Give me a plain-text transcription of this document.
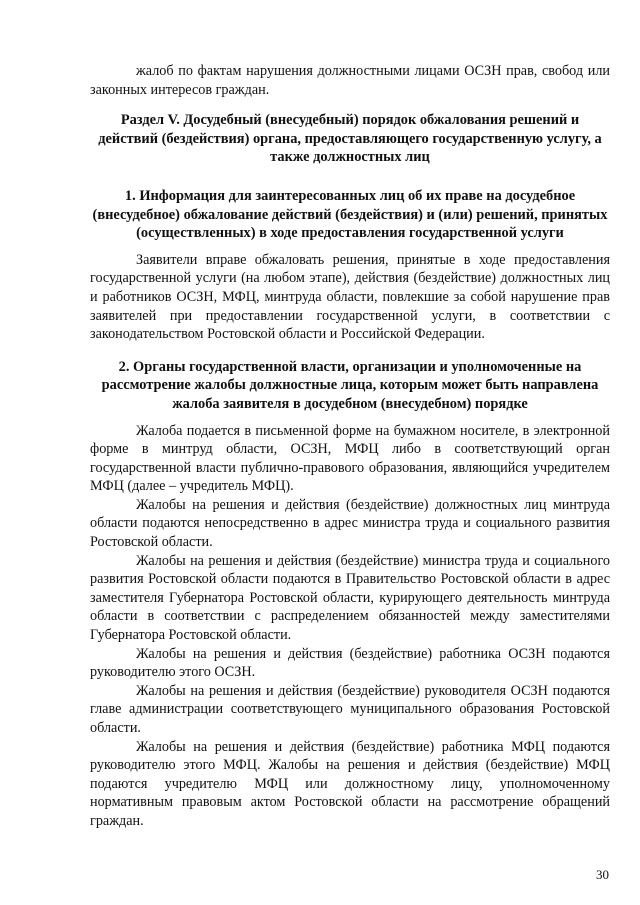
жалоб по фактам нарушения должностными лицами ОСЗН прав, свобод или законных интересов граждан.

Раздел V. Досудебный (внесудебный) порядок обжалования решений и действий (бездействия) органа, предоставляющего государственную услугу, а также должностных лиц

1. Информация для заинтересованных лиц об их праве на досудебное (внесудебное) обжалование действий (бездействия) и (или) решений, принятых (осуществленных) в ходе предоставления государственной услуги

Заявители вправе обжаловать решения, принятые в ходе предоставления государственной услуги (на любом этапе), действия (бездействие) должностных лиц и работников ОСЗН, МФЦ, минтруда области, повлекшие за собой нарушение прав заявителей при предоставлении государственной услуги, в соответствии с законодательством Ростовской области и Российской Федерации.

2. Органы государственной власти, организации и уполномоченные на рассмотрение жалобы должностные лица, которым может быть направлена жалоба заявителя в досудебном (внесудебном) порядке

Жалоба подается в письменной форме на бумажном носителе, в электронной форме в минтруд области, ОСЗН, МФЦ либо в соответствующий орган государственной власти публично-правового образования, являющийся учредителем МФЦ (далее – учредитель МФЦ).

Жалобы на решения и действия (бездействие) должностных лиц минтруда области подаются непосредственно в адрес министра труда и социального развития Ростовской области.

Жалобы на решения и действия (бездействие) министра труда и социального развития Ростовской области подаются в Правительство Ростовской области в адрес заместителя Губернатора Ростовской области, курирующего деятельность минтруда области в соответствии с распределением обязанностей между заместителями Губернатора Ростовской области.

Жалобы на решения и действия (бездействие) работника ОСЗН подаются руководителю этого ОСЗН.

Жалобы на решения и действия (бездействие) руководителя ОСЗН подаются главе администрации соответствующего муниципального образования Ростовской области.

Жалобы на решения и действия (бездействие) работника МФЦ подаются руководителю этого МФЦ. Жалобы на решения и действия (бездействие) МФЦ подаются учредителю МФЦ или должностному лицу, уполномоченному нормативным правовым актом Ростовской области на рассмотрение обращений граждан.

30
